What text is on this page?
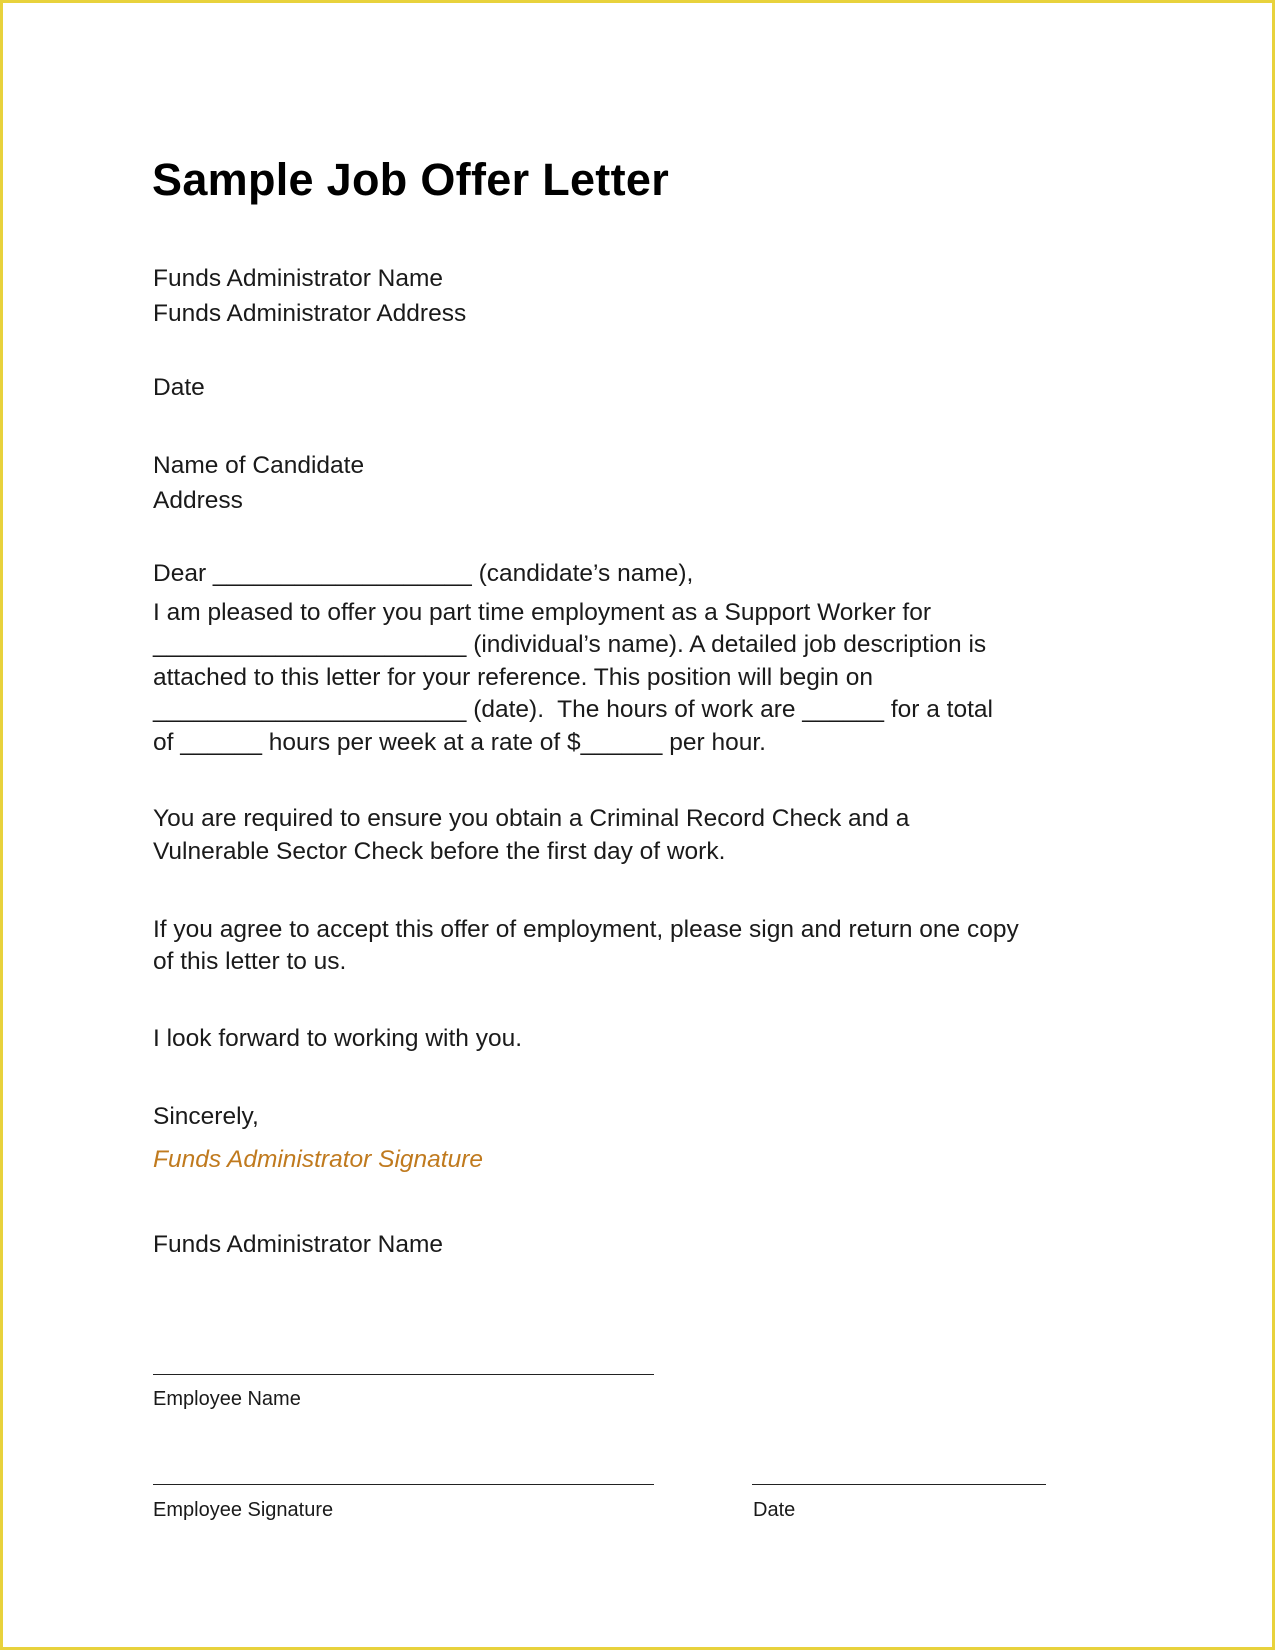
Sample Job Offer Letter
Funds Administrator Name
Funds Administrator Address
Date
Name of Candidate
Address
Dear ___________________ (candidate’s name),
I am pleased to offer you part time employment as a Support Worker for
_______________________ (individual’s name). A detailed job description is
attached to this letter for your reference. This position will begin on
_______________________ (date).  The hours of work are ______ for a total
of ______ hours per week at a rate of $______ per hour.
You are required to ensure you obtain a Criminal Record Check and a
Vulnerable Sector Check before the first day of work.
If you agree to accept this offer of employment, please sign and return one copy
of this letter to us.
I look forward to working with you.
Sincerely,
Funds Administrator Signature
Funds Administrator Name
Employee Name
Employee Signature	Date
